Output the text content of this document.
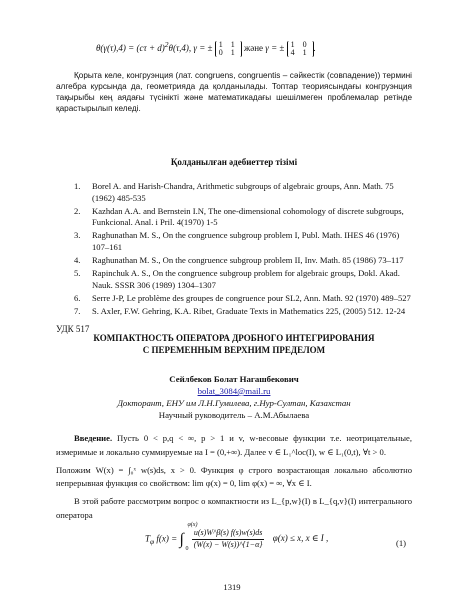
$\theta(\gamma(\tau),4) = (c\tau + d)^2\theta(\tau,4)$, γ = ± 1 1
0 1 және γ = ± 1 0
4 1 .

Қорыта келе, конгруэнция (лат. congruens, congruentis – сәйкестік (совпадение)) термині алгебра курсында да, геометрияда да қолданылады. Топтар теориясындағы конгруэнция тақырыбы кең аядағы түсінікті және математикадағы шешілмеген проблемалар ретінде қарастырылып келеді.

Қолданылған әдебиеттер тізімі
1.	Borel A. and Harish-Chandra, Arithmetic subgroups of algebraic groups, Ann. Math. 75 (1962) 485-535
2.	Kazhdan A.A. and Bernstein I.N, The one-dimensional cohomology of discrete subgroups, Funkcional. Anal. i Pril. 4(1970) 1-5
3.	Raghunathan M. S., On the congruence subgroup problem I, Publ. Math. IHES 46 (1976) 107–161
4.	Raghunathan M. S., On the congruence subgroup problem II, Inv. Math. 85 (1986) 73–117
5.	Rapinchuk A. S., On the congruence subgroup problem for algebraic groups, Dokl. Akad. Nauk. SSSR 306 (1989) 1304–1307
6.	Serre J-P, Le problème des groupes de congruence pour SL2, Ann. Math. 92 (1970) 489–527
7.	S. Axler, F.W. Gehring, K.A. Ribet, Graduate Texts in Mathematics 225, (2005) 512. 12-24
УДК 517
КОМПАКТНОСТЬ ОПЕРАТОРА ДРОБНОГО ИНТЕГРИРОВАНИЯ
С ПЕРЕМЕННЫМ ВЕРХНИМ ПРЕДЕЛОМ
Сейлбеков Болат Нагашбекович
bolat_3084@mail.ru
Докторант, ЕНУ им Л.Н.Гумилева, г.Нур-Султан, Казахстан
Научный руководитель – А.М.Абылаева

Введение. Пусть 0 < p,q < ∞, p > 1 и v, w-весовые функции т.е. неотрицательные, измеримые и локально суммируемые на I = (0,+∞). Далее v ∈ L₁^loc(I), w ∈ L₁(0,t), ∀t > 0.

Положим W(x) = ∫₀ˣ w(s)ds, x > 0. Функция φ строго возрастающая локально абсолютно непрерывная функция со свойством: lim φ(x) = 0, lim φ(x) = ∞, ∀x ∈ I.

В этой работе рассмотрим вопрос о компактности из L_{p,w}(I) в L_{q,v}(I) интегрального оператора

$T_\varphi$ f(x) = ∫
φ(x)
0
$\frac{u(s)W\^{}\beta(s) f(s)w(s)ds}{(W(x) - W(s))\^{}\{1-\alpha\}} \varphi(x) \le x$, x ∈ I ,	(1)
1319
